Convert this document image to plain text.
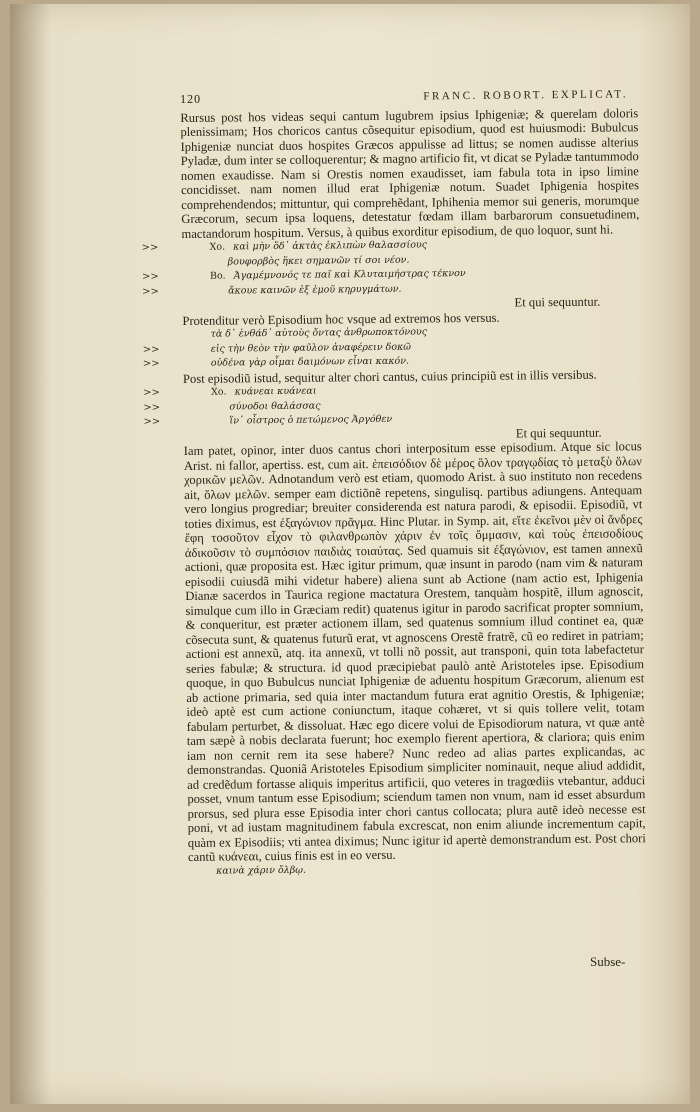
120	FRANC. ROBORT. EXPLICAT.

Rursus post hos videas sequi cantum lugubrem ipsius Iphigeniæ; & querelam doloris plenissimam; Hos choricos cantus cõsequitur episodium, quod est huiusmodi: Bubulcus Iphigeniæ nunciat duos hospites Græcos appulisse ad littus; se nomen audisse alterius Pyladæ, dum inter se colloquerentur; & magno artificio fit, vt dicat se Pyladæ tantummodo nomen exaudisse. Nam si Orestis nomen exaudisset, iam fabula tota in ipso limine concidisset. nam nomen illud erat Iphigeniæ notum. Suadet Iphigenia hospites comprehendendos; mittuntur, qui comprehẽdant, Iphihenia memor sui generis, morumque Græcorum, secum ipsa loquens, detestatur fœdam illam barbarorum consuetudinem, mactandorum hospitum. Versus, à quibus exorditur episodium, de quo loquor, sunt hi.

>>	Χο. καὶ μὴν ὅδ᾽ ἀκτὰς ἐκλιπὼν θαλασσίους
βουφορβὸς ἥκει σημανῶν τί σοι νέον.
>>	Βο. Ἀγαμέμνονός τε παῖ καὶ Κλυταιμήστρας τέκνον
>>	ἄκουε καινῶν ἐξ ἐμοῦ κηρυγμάτων.
Et qui sequuntur.

Protenditur verò Episodium hoc vsque ad extremos hos versus.

τὰ δ᾽ ἐνθάδ᾽ αὐτοὺς ὄντας ἀνθρωποκτόνους
>>	εἰς τὴν θεὸν τὴν φαῦλον ἀναφέρειν δοκῶ
>>	οὐδένα γὰρ οἶμαι δαιμόνων εἶναι κακόν.

Post episodiũ istud, sequitur alter chori cantus, cuius principiũ est in illis versibus.

>>	Χο. κυάνεαι κυάνεαι
>>	σύνοδοι θαλάσσας
>>	ἵν᾽ οἶστρος ὁ πετώμενος Ἀργόθεν
Et qui sequuntur.

Iam patet, opinor, inter duos cantus chori interpositum esse episodium. Atque sic locus Arist. ni fallor, apertiss. est, cum ait. ἐπεισόδιον δὲ μέρος ὅλον τραγῳδίας τὸ μεταξὺ ὅλων χορικῶν μελῶν. Adnotandum verò est etiam, quomodo Arist. à suo instituto non recedens ait, ὅλων μελῶν. semper eam dictiõnẽ repetens, singulisq. partibus adiungens. Antequam vero longius progrediar; breuiter considerenda est natura parodi, & episodii. Episodiũ, vt toties diximus, est ἐξαγώνιον πρᾶγμα. Hinc Plutar. in Symp. ait, εἴτε ἐκεῖνοι μὲν οἱ ἄνδρες ἔφη τοσοῦτον εἶχον τὸ φιλανθρωπὸν χάριν ἐν τοῖς ὄμμασιν, καὶ τοὺς ἐπεισοδίους ἀδικοῦσιν τὸ συμπόσιον παιδιὰς τοιαύτας. Sed quamuis sit ἐξαγώνιον, est tamen annexũ actioni, quæ proposita est. Hæc igitur primum, quæ insunt in parodo (nam vim & naturam episodii cuiusdã mihi videtur habere) aliena sunt ab Actione (nam actio est, Iphigenia Dianæ sacerdos in Taurica regione mactatura Orestem, tanquàm hospitẽ, illum agnoscit, simulque cum illo in Græciam redit) quatenus igitur in parodo sacrificat propter somnium, & conqueritur, est præter actionem illam, sed quatenus somnium illud continet ea, quæ cõsecuta sunt, & quatenus futurũ erat, vt agnoscens Orestẽ fratrẽ, cũ eo rediret in patriam; actioni est annexũ, atq. ita annexũ, vt tolli nõ possit, aut transponi, quin tota labefactetur series fabulæ; & structura. id quod præcipiebat paulò antè Aristoteles ipse. Episodium quoque, in quo Bubulcus nunciat Iphigeniæ de aduentu hospitum Græcorum, alienum est ab actione primaria, sed quia inter mactandum futura erat agnitio Orestis, & Iphigeniæ; ideò aptè est cum actione coniunctum, itaque cohæret, vt si quis tollere velit, totam fabulam perturbet, & dissoluat. Hæc ego dicere volui de Episodiorum natura, vt quæ antè tam sæpè à nobis declarata fuerunt; hoc exemplo fierent apertiora, & clariora; quis enim iam non cernit rem ita sese habere? Nunc redeo ad alias partes explicandas, ac demonstrandas. Quoniã Aristoteles Episodium simpliciter nominauit, neque aliud addidit, ad credẽdum fortasse aliquis imperitus artificii, quo veteres in tragœdiis vtebantur, adduci posset, vnum tantum esse Episodium; sciendum tamen non vnum, nam id esset absurdum prorsus, sed plura esse Episodia inter chori cantus collocata; plura autẽ ideò necesse est poni, vt ad iustam magnitudinem fabula excrescat, non enim aliunde incrementum capit, quàm ex Episodiis; vti antea diximus; Nunc igitur id apertè demonstrandum est. Post chori cantũ κυάνεαι, cuius finis est in eo versu.

καινὰ χάριν ὄλβῳ.
Subse-
